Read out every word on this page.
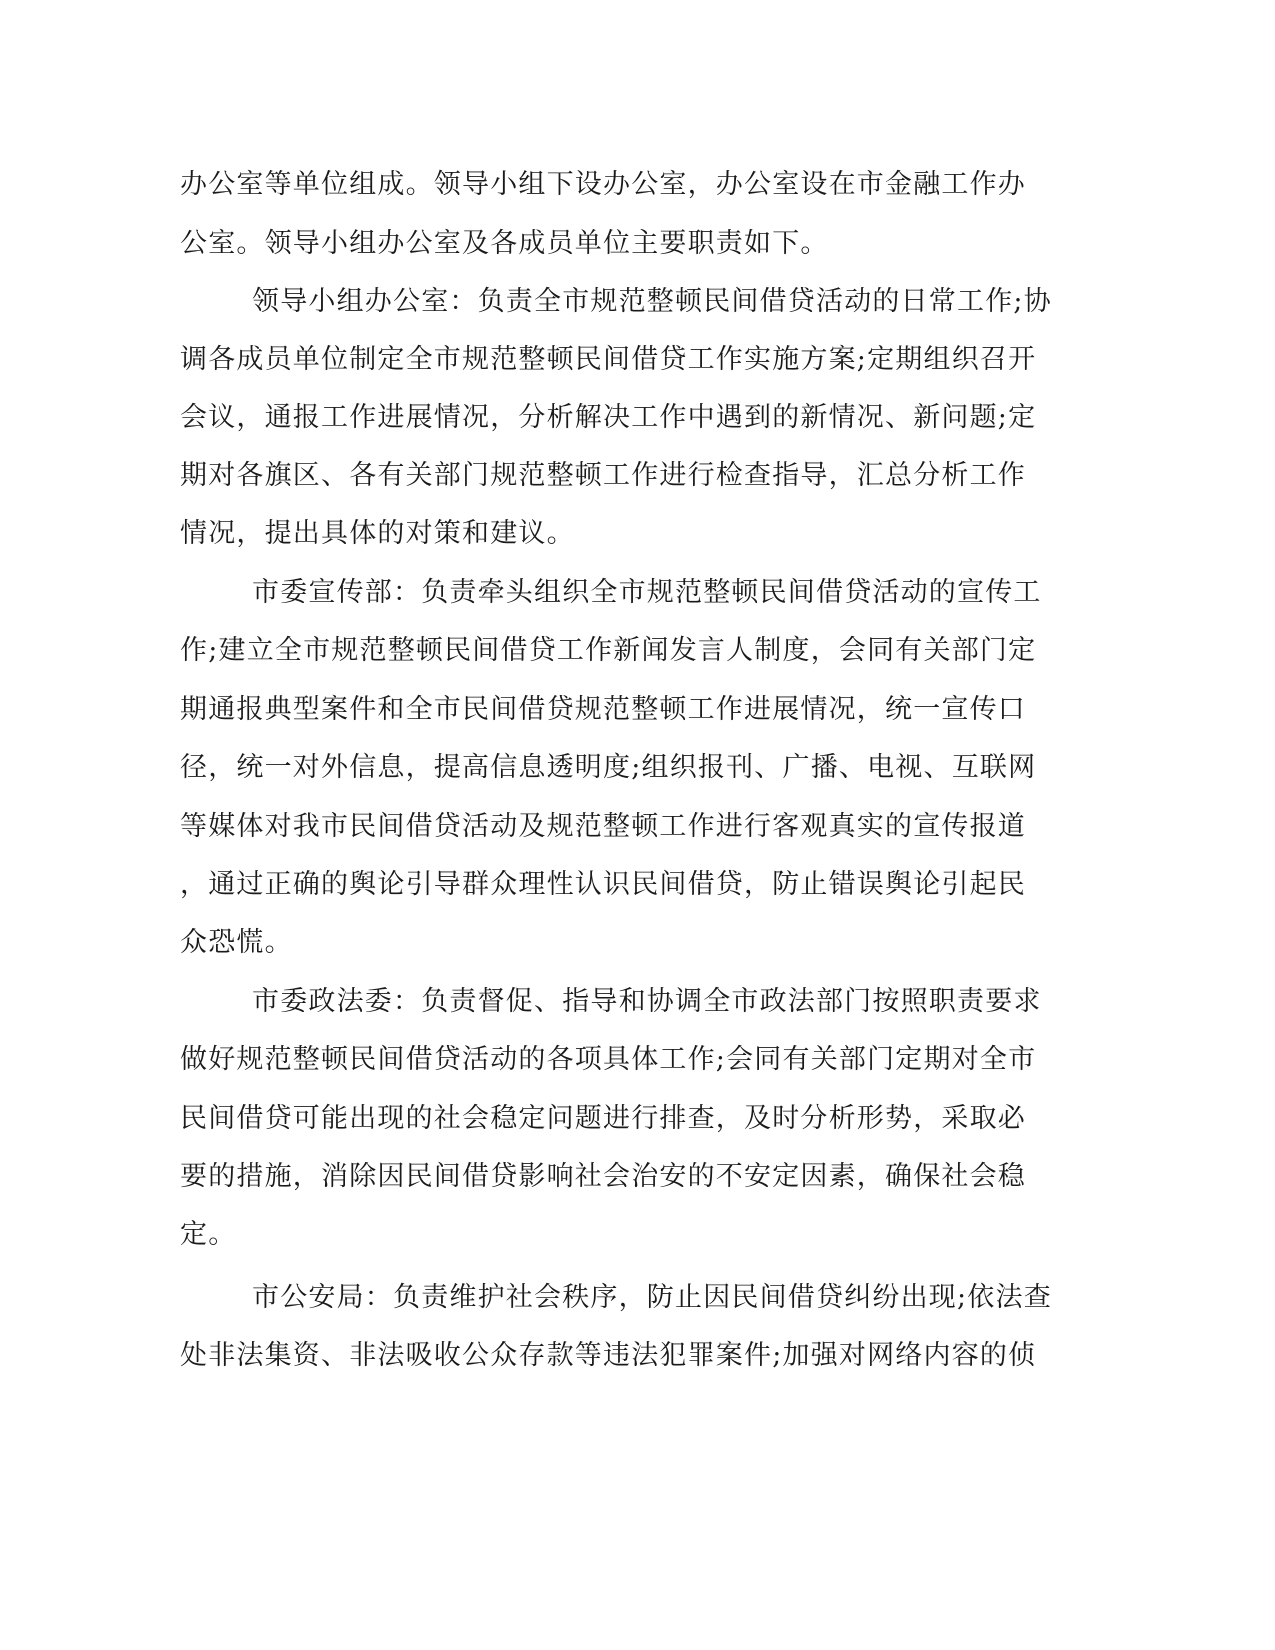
办公室等单位组成。领导小组下设办公室，办公室设在市金融工作办
公室。领导小组办公室及各成员单位主要职责如下。
领导小组办公室：负责全市规范整顿民间借贷活动的日常工作;协
调各成员单位制定全市规范整顿民间借贷工作实施方案;定期组织召开
会议，通报工作进展情况，分析解决工作中遇到的新情况、新问题;定
期对各旗区、各有关部门规范整顿工作进行检查指导，汇总分析工作
情况，提出具体的对策和建议。
市委宣传部：负责牵头组织全市规范整顿民间借贷活动的宣传工
作;建立全市规范整顿民间借贷工作新闻发言人制度，会同有关部门定
期通报典型案件和全市民间借贷规范整顿工作进展情况，统一宣传口
径，统一对外信息，提高信息透明度;组织报刊、广播、电视、互联网
等媒体对我市民间借贷活动及规范整顿工作进行客观真实的宣传报道
，通过正确的舆论引导群众理性认识民间借贷，防止错误舆论引起民
众恐慌。
市委政法委：负责督促、指导和协调全市政法部门按照职责要求
做好规范整顿民间借贷活动的各项具体工作;会同有关部门定期对全市
民间借贷可能出现的社会稳定问题进行排查，及时分析形势，采取必
要的措施，消除因民间借贷影响社会治安的不安定因素，确保社会稳
定。
市公安局：负责维护社会秩序，防止因民间借贷纠纷出现;依法查
处非法集资、非法吸收公众存款等违法犯罪案件;加强对网络内容的侦
